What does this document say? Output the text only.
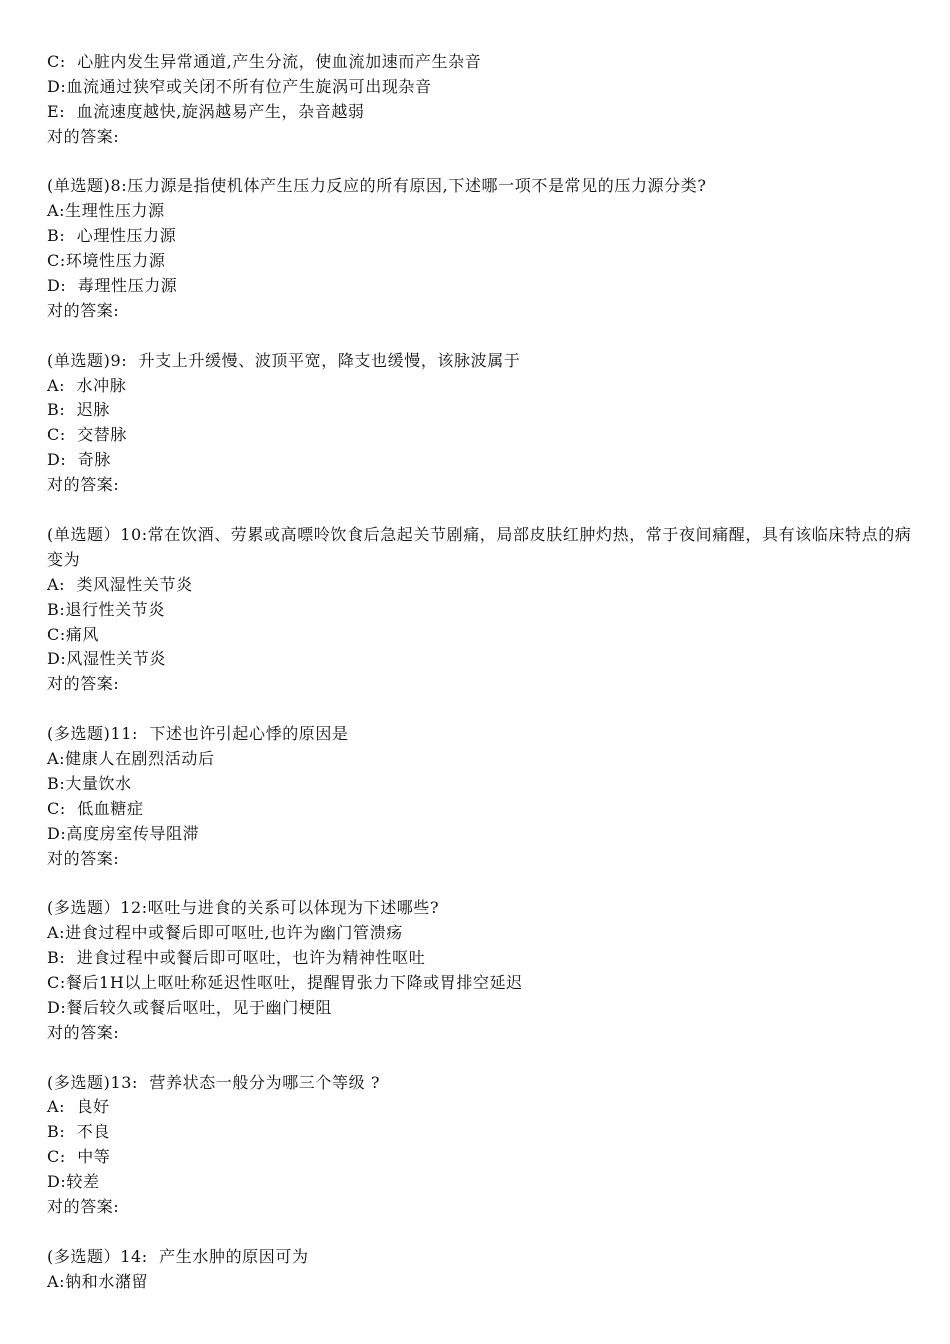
C:  心脏内发生异常通道,产生分流，使血流加速而产生杂音
D:血流通过狭窄或关闭不所有位产生旋涡可出现杂音
E:  血流速度越快,旋涡越易产生，杂音越弱
对的答案:
(单选题)8:压力源是指使机体产生压力反应的所有原因,下述哪一项不是常见的压力源分类?
A:生理性压力源
B:  心理性压力源
C:环境性压力源
D:  毒理性压力源
对的答案:
(单选题)9:  升支上升缓慢、波顶平宽，降支也缓慢，该脉波属于
A:  水冲脉
B:  迟脉
C:  交替脉
D:  奇脉
对的答案:
(单选题）10:常在饮酒、劳累或高嘌呤饮食后急起关节剧痛，局部皮肤红肿灼热，常于夜间痛醒，具有该临床特点的病变为
A:  类风湿性关节炎
B:退行性关节炎
C:痛风
D:风湿性关节炎
对的答案:
(多选题)11:  下述也许引起心悸的原因是
A:健康人在剧烈活动后
B:大量饮水
C:  低血糖症
D:高度房室传导阻滞
对的答案:
(多选题）12:呕吐与进食的关系可以体现为下述哪些?
A:进食过程中或餐后即可呕吐,也许为幽门管溃疡
B:  进食过程中或餐后即可呕吐，也许为精神性呕吐
C:餐后1H以上呕吐称延迟性呕吐，提醒胃张力下降或胃排空延迟
D:餐后较久或餐后呕吐，见于幽门梗阻
对的答案:
(多选题)13:  营养状态一般分为哪三个等级 ?
A:  良好
B:  不良
C:  中等
D:较差
对的答案:
(多选题）14:  产生水肿的原因可为
A:钠和水潴留
